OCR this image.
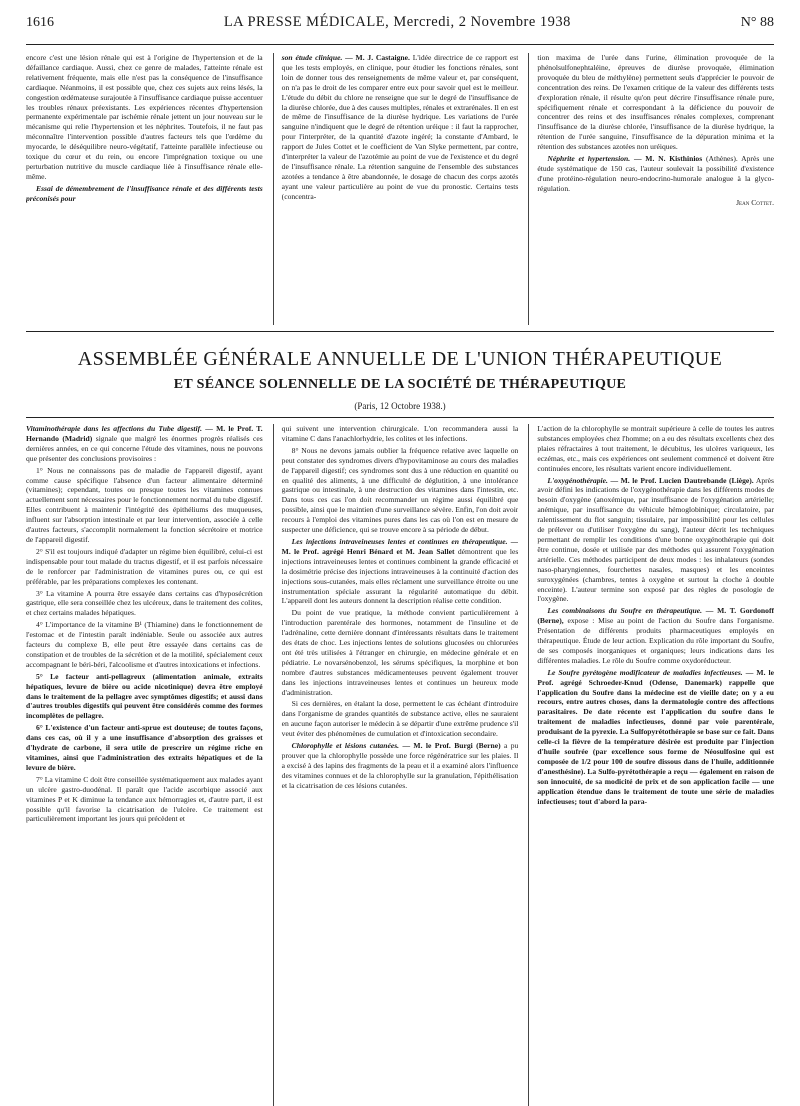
1616	LA PRESSE MÉDICALE, Mercredi, 2 Novembre 1938	N° 88

encore c'est une lésion rénale qui est à l'origine de l'hypertension et de la défaillance cardiaque. Aussi, chez ce genre de malades, l'atteinte rénale est relativement fréquente, mais elle n'est pas la conséquence de l'insuffisance cardiaque. Néanmoins, il est possible que, chez ces sujets aux reins lésés, la congestion œdémateuse surajoutée à l'insuffisance cardiaque puisse accentuer les troubles rénaux préexistants. Les expériences récentes d'hypertension permanente expérimentale par ischémie rénale jettent un jour nouveau sur le mécanisme qui relie l'hypertension et les néphrites. Toutefois, il ne faut pas méconnaître l'intervention possible d'autres facteurs tels que l'œdème du myocarde, le déséquilibre neuro-végétatif, l'atteinte parallèle infectieuse ou toxique du cœur et du rein, ou encore l'imprégnation toxique ou une perturbation nutritive du muscle cardiaque liée à l'insuffisance rénale elle-même.

Essai de démembrement de l'insuffisance rénale et des différents tests préconisés pour

son étude clinique. — M. J. Castaigne. L'idée directrice de ce rapport est que les tests employés, en clinique, pour étudier les fonctions rénales, sont loin de donner tous des renseignements de même valeur et, par conséquent, on n'a pas le droit de les comparer entre eux pour savoir quel est le meilleur. L'étude du débit du chlore ne renseigne que sur le degré de l'insuffisance de la diurèse chlorée, due à des causes multiples, rénales et extrarénales. Il en est de même de l'insuffisance de la diurèse hydrique. Les variations de l'urée sanguine n'indiquent que le degré de rétention uréique : il faut la rapprocher, pour l'interpréter, de la quantité d'azote ingéré; la constante d'Ambard, le rapport de Jules Cottet et le coefficient de Van Slyke permettent, par contre, d'interpréter la valeur de l'azotémie au point de vue de l'existence et du degré de l'insuffisance rénale. La rétention sanguine de l'ensemble des substances azotées a tendance à être abandonnée, le dosage de chacun des corps azotés ayant une valeur particulière au point de vue du pronostic. Certains tests (concentra-

tion maxima de l'urée dans l'urine, élimination provoquée de la phénolsulfonephtaléine, épreuves de diurèse provoquée, élimination provoquée du bleu de méthylène) permettent seuls d'apprécier le pouvoir de concentration des reins. De l'examen critique de la valeur des différents tests d'exploration rénale, il résulte qu'on peut décrire l'insuffisance rénale pure, spécifiquement rénale et correspondant à la déficience du pouvoir de concentrer des reins et des insuffisances rénales complexes, comprenant l'insuffisance de la diurèse chlorée, l'insuffisance de la diurèse hydrique, la rétention de l'urée sanguine, l'insuffisance de la dépuration minima et la rétention des substances azotées non uréiques.

Néphrite et hypertension. — M. N. Kisthinios (Athènes). Après une étude systématique de 150 cas, l'auteur soulevait la possibilité d'existence d'une protéino-régulation neuro-endocrino-humorale analogue à la glyco-régulation.

Jean Cottet.
ASSEMBLÉE GÉNÉRALE ANNUELLE DE L'UNION THÉRAPEUTIQUE
ET SÉANCE SOLENNELLE DE LA SOCIÉTÉ DE THÉRAPEUTIQUE
(Paris, 12 Octobre 1938.)

Vitaminothérapie dans les affections du Tube digestif. — M. le Prof. T. Hernando (Madrid) signale que malgré les énormes progrès réalisés ces dernières années, en ce qui concerne l'étude des vitamines, nous ne pouvons que présenter des conclusions provisoires :

1° Nous ne connaissons pas de maladie de l'appareil digestif, ayant comme cause spécifique l'absence d'un facteur alimentaire déterminé (vitamines); cependant, toutes ou presque toutes les vitamines connues actuellement sont nécessaires pour le fonctionnement normal du tube digestif. Elles contribuent à maintenir l'intégrité des épithéliums des muqueuses, influent sur l'absorption intestinale et par leur intervention, associée à celle d'autres facteurs, s'accomplit normalement la fonction sécrétoire et motrice de l'appareil digestif.

2° S'il est toujours indiqué d'adapter un régime bien équilibré, celui-ci est indispensable pour tout malade du tractus digestif, et il est parfois nécessaire de le renforcer par l'administration de vitamines pures ou, ce qui est préférable, par les préparations complexes les contenant.

3° La vitamine A pourra être essayée dans certains cas d'hyposécrétion gastrique, elle sera conseillée chez les ulcéreux, dans le traitement des colites, et chez certains malades hépatiques.

4° L'importance de la vitamine B¹ (Thiamine) dans le fonctionnement de l'estomac et de l'intestin paraît indéniable. Seule ou associée aux autres facteurs du complexe B, elle peut être essayée dans certains cas de constipation et de troubles de la sécrétion et de la motilité, spécialement ceux accompagnant le béri-béri, l'alcoolisme et d'autres intoxications et infections.

5° Le facteur anti-pellagreux (alimentation animale, extraits hépatiques, levure de bière ou acide nicotinique) devra être employé dans le traitement de la pellagre avec symptômes digestifs; et aussi dans d'autres troubles digestifs qui peuvent être considérés comme des formes incomplètes de pellagre.

6° L'existence d'un facteur anti-sprue est douteuse; de toutes façons, dans ces cas, où il y a une insuffisance d'absorption des graisses et d'hydrate de carbone, il sera utile de prescrire un régime riche en vitamines, ainsi que l'administration des extraits hépatiques et de la levure de bière.

7° La vitamine C doit être conseillée systématiquement aux malades ayant un ulcère gastro-duodénal. Il paraît que l'acide ascorbique associé aux vitamines P et K diminue la tendance aux hémorragies et, d'autre part, il est possible qu'il favorise la cicatrisation de l'ulcère. Ce traitement est particulièrement important les jours qui précèdent et

qui suivent une intervention chirurgicale. L'on recommandera aussi la vitamine C dans l'anachlorhydrie, les colites et les infections.

8° Nous ne devons jamais oublier la fréquence relative avec laquelle on peut constater des syndromes divers d'hypovitaminose au cours des maladies de l'appareil digestif; ces syndromes sont dus à une réduction en quantité ou en qualité des aliments, à une difficulté de déglutition, à une intolérance gastrique ou intestinale, à une destruction des vitamines dans l'intestin, etc. Dans tous ces cas l'on doit recommander un régime aussi équilibré que possible, ainsi que le maintien d'une surveillance sévère. Enfin, l'on doit avoir recours à l'emploi des vitamines pures dans les cas où l'on est en mesure de suspecter une déficience, qui se trouve encore à sa période de début.

Les injections intraveineuses lentes et continues en thérapeutique. — M. le Prof. agrégé Henri Bénard et M. Jean Sallet démontrent que les injections intraveineuses lentes et continues combinent la grande efficacité et la dosimétrie précise des injections intraveineuses à la continuité d'action des injections sous-cutanées, mais elles réclament une surveillance étroite ou une instrumentation spéciale assurant la régularité automatique du débit. L'appareil dont les auteurs donnent la description réalise cette condition.

Du point de vue pratique, la méthode convient particulièrement à l'introduction parentérale des hormones, notamment de l'insuline et de l'adrénaline, cette dernière donnant d'intéressants résultats dans le traitement des états de choc. Les injections lentes de solutions glucosées ou chlorurées ont été très utilisées à l'étranger en chirurgie, en médecine générale et en pédiatrie. Le novarsénobenzol, les sérums spécifiques, la morphine et bon nombre d'autres substances médicamenteuses peuvent également trouver dans les injections intraveineuses lentes et continues un heureux mode d'administration.

Si ces dernières, en étalant la dose, permettent le cas échéant d'introduire dans l'organisme de grandes quantités de substance active, elles ne sauraient en aucune façon autoriser le médecin à se départir d'une extrême prudence s'il veut éviter des phénomènes de cumulation et d'intoxication secondaire.

Chlorophylle et lésions cutanées. — M. le Prof. Burgi (Berne) a pu prouver que la chlorophylle possède une force régénératrice sur les plaies. Il a excisé à des lapins des fragments de la peau et il a examiné alors l'influence des vitamines connues et de la chlorophylle sur la granulation, l'épithélisation et la cicatrisation de ces lésions cutanées.

L'action de la chlorophylle se montrait supérieure à celle de toutes les autres substances employées chez l'homme; on a eu des résultats excellents chez des plaies réfractaires à tout traitement, le décubitus, les ulcères variqueux, les eczémas, etc., mais ces expériences ont seulement commencé et doivent être continuées encore, les résultats varient encore individuellement.

L'oxygénothérapie. — M. le Prof. Lucien Dautrebande (Liège). Après avoir défini les indications de l'oxygénothérapie dans les différents modes de besoin d'oxygène (anoxémique, par insuffisance de l'oxygénation artérielle; anémique, par insuffisance du véhicule hémoglobinique; circulatoire, par ralentissement du flot sanguin; tissulaire, par impossibilité pour les cellules de prélever ou d'utiliser l'oxygène du sang), l'auteur décrit les techniques permettant de remplir les conditions d'une bonne oxygénothérapie qui doit être continue, dosée et utilisée par des méthodes qui assurent l'oxygénation artérielle. Ces méthodes participent de deux modes : les inhalateurs (sondes naso-pharyngiennes, fourchettes nasales, masques) et les enceintes suroxygénées (chambres, tentes à oxygène et surtout la cloche à double enceinte). L'auteur termine son exposé par des règles de posologie de l'oxygène.

Les combinaisons du Soufre en thérapeutique. — M. T. Gordonoff (Berne), expose : Mise au point de l'action du Soufre dans l'organisme. Présentation de différents produits pharmaceutiques employés en thérapeutique. Étude de leur action. Explication du rôle important du Soufre, de ses composés inorganiques et organiques; leurs indications dans les différentes maladies. Le rôle du Soufre comme oxydoréducteur.

Le Soufre pyrétogène modificateur de maladies infectieuses. — M. le Prof. agrégé Schroeder-Knud (Odense, Danemark) rappelle que l'application du Soufre dans la médecine est de vieille date; on y a eu recours, entre autres choses, dans la dermatologie contre des affections parasitaires. De date récente est l'application du soufre dans le traitement de maladies infectieuses, donné par voie parentérale, produisant de la pyrexie. La Sulfopyrétothérapie se base sur ce fait. Dans celle-ci la fièvre de la température désirée est produite par l'injection d'huile soufrée (par excellence sous forme de Néosulfosine qui est composée de 1/2 pour 100 de soufre dissous dans de l'huile, additionnée d'anesthésine). La Sulfo-pyrétothérapie a reçu — également en raison de son innocuité, de sa modicité de prix et de son application facile — une application étendue dans le traitement de toute une série de maladies infectieuses; tout d'abord la para-
